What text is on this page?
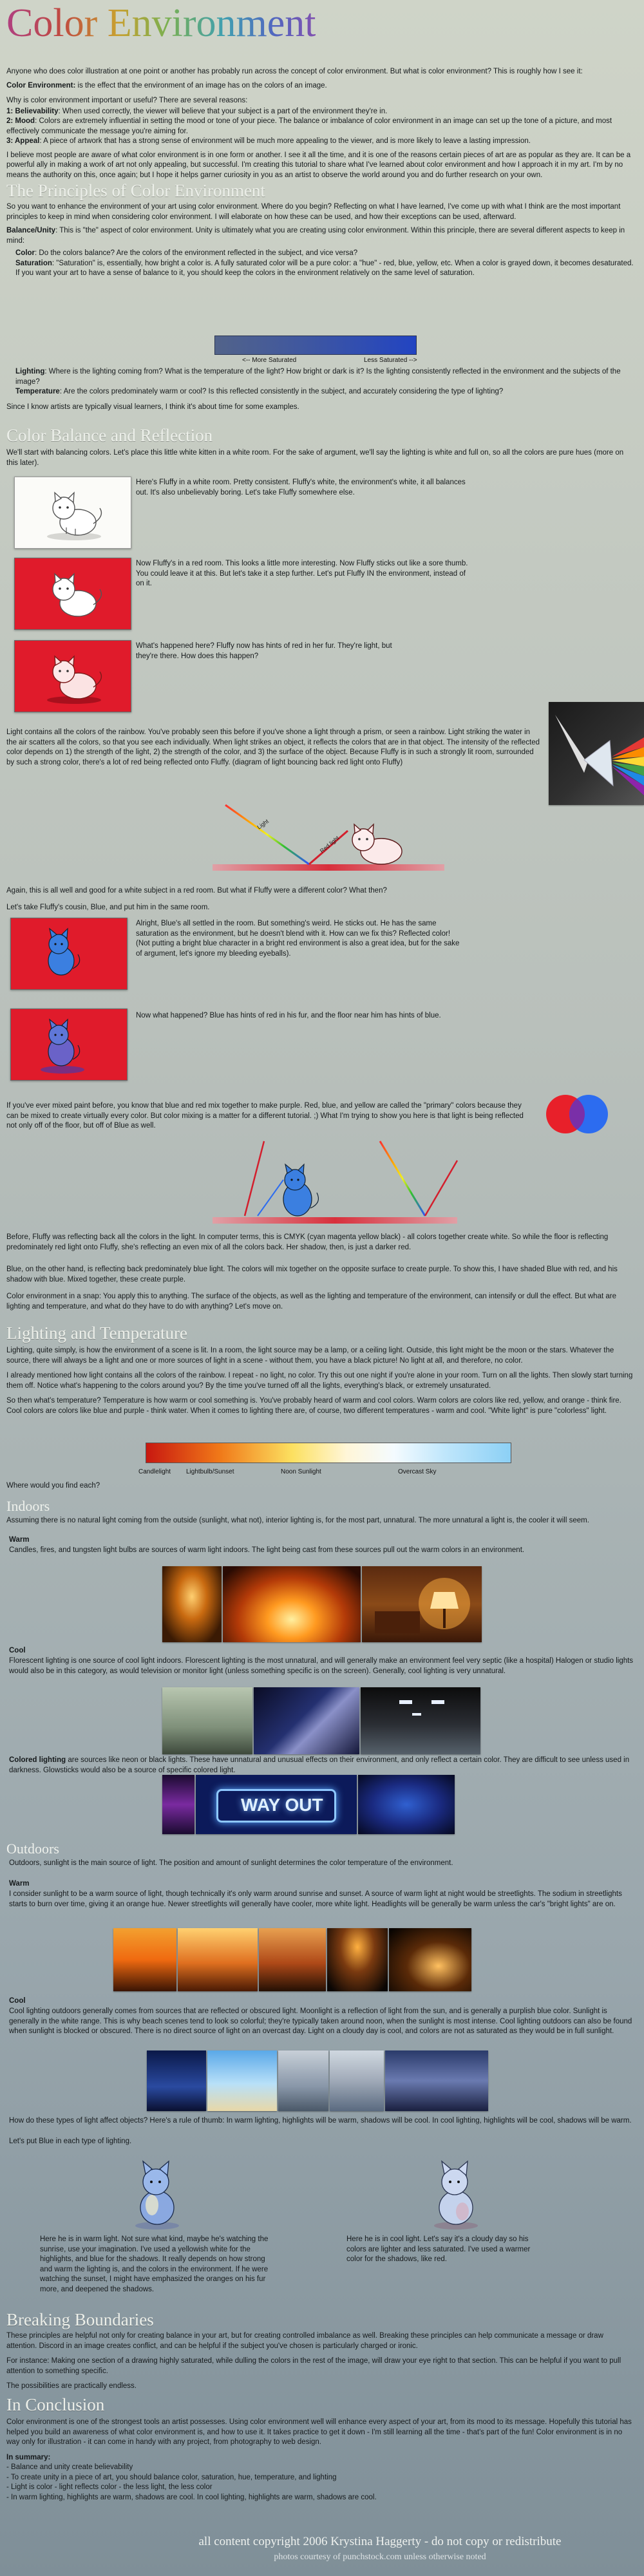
Color Environment

Anyone who does color illustration at one point or another has probably run across the concept of color environment. But what is color environment? This is roughly how I see it:

Color Environment: is the effect that the environment of an image has on the colors of an image.

Why is color environment important or useful? There are several reasons:

1: Believability: When used correctly, the viewer will believe that your subject is a part of the environment they're in.

2: Mood: Colors are extremely influential in setting the mood or tone of your piece. The balance or imbalance of color environment in an image can set up the tone of a picture, and most effectively communicate the message you're aiming for.

3: Appeal: A piece of artwork that has a strong sense of environment will be much more appealing to the viewer, and is more likely to leave a lasting impression.

I believe most people are aware of what color environment is in one form or another. I see it all the time, and it is one of the reasons certain pieces of art are as popular as they are. It can be a powerful ally in making a work of art not only appealing, but successful. I'm creating this tutorial to share what I've learned about color environment and how I approach it in my art. I'm by no means the authority on this, once again; but I hope it helps garner curiosity in you as an artist to observe the world around you and do further research on your own.

The Principles of Color Environment

So you want to enhance the environment of your art using color environment. Where do you begin? Reflecting on what I have learned, I've come up with what I think are the most important principles to keep in mind when considering color environment. I will elaborate on how these can be used, and how their exceptions can be used, afterward.

Balance/Unity: This is "the" aspect of color environment. Unity is ultimately what you are creating using color environment. Within this principle, there are several different aspects to keep in mind:

Color: Do the colors balance? Are the colors of the environment reflected in the subject, and vice versa?

Saturation: "Saturation" is, essentially, how bright a color is. A fully saturated color will be a pure color: a "hue" - red, blue, yellow, etc. When a color is grayed down, it becomes desaturated. If you want your art to have a sense of balance to it, you should keep the colors in the environment relatively on the same level of saturation.

<-- More Saturated	Less Saturated -->

Lighting: Where is the lighting coming from? What is the temperature of the light? How bright or dark is it? Is the lighting consistently reflected in the environment and the subjects of the image?

Temperature: Are the colors predominately warm or cool? Is this reflected consistently in the subject, and accurately considering the type of lighting?

Since I know artists are typically visual learners, I think it's about time for some examples.

Color Balance and Reflection

We'll start with balancing colors. Let's place this little white kitten in a white room. For the sake of argument, we'll say the lighting is white and full on, so all the colors are pure hues (more on this later).

Here's Fluffy in a white room. Pretty consistent. Fluffy's white, the environment's white, it all balances out. It's also unbelievably boring. Let's take Fluffy somewhere else.

Now Fluffy's in a red room. This looks a little more interesting. Now Fluffy sticks out like a sore thumb. You could leave it at this. But let's take it a step further. Let's put Fluffy IN the environment, instead of on it.

What's happened here? Fluffy now has hints of red in her fur. They're light, but they're there. How does this happen?

Light contains all the colors of the rainbow. You've probably seen this before if you've shone a light through a prism, or seen a rainbow. Light striking the water in the air scatters all the colors, so that you see each individually. When light strikes an object, it reflects the colors that are in that object. The intensity of the reflected color depends on 1) the strength of the light, 2) the strength of the color, and 3) the surface of the object. Because Fluffy is in such a strongly lit room, surrounded by such a strong color, there's a lot of red being reflected onto Fluffy. (diagram of light bouncing back red light onto Fluffy)

Light
Red light

Again, this is all well and good for a white subject in a red room. But what if Fluffy were a different color? What then?

Let's take Fluffy's cousin, Blue, and put him in the same room.

Alright, Blue's all settled in the room. But something's weird. He sticks out. He has the same saturation as the environment, but he doesn't blend with it. How can we fix this? Reflected color! (Not putting a bright blue character in a bright red environment is also a great idea, but for the sake of argument, let's ignore my bleeding eyeballs).

Now what happened? Blue has hints of red in his fur, and the floor near him has hints of blue.

If you've ever mixed paint before, you know that blue and red mix together to make purple. Red, blue, and yellow are called the "primary" colors because they can be mixed to create virtually every color. But color mixing is a matter for a different tutorial. ;) What I'm trying to show you here is that light is being reflected not only off of the floor, but off of Blue as well.

Before, Fluffy was reflecting back all the colors in the light. In computer terms, this is CMYK (cyan magenta yellow black) - all colors together create white. So while the floor is reflecting predominately red light onto Fluffy, she's reflecting an even mix of all the colors back. Her shadow, then, is just a darker red.

Blue, on the other hand, is reflecting back predominately blue light. The colors will mix together on the opposite surface to create purple. To show this, I have shaded Blue with red, and his shadow with blue. Mixed together, these create purple.

Color environment in a snap: You apply this to anything. The surface of the objects, as well as the lighting and temperature of the environment, can intensify or dull the effect. But what are lighting and temperature, and what do they have to do with anything? Let's move on.

Lighting and Temperature

Lighting, quite simply, is how the environment of a scene is lit. In a room, the light source may be a lamp, or a ceiling light. Outside, this light might be the moon or the stars. Whatever the source, there will always be a light and one or more sources of light in a scene - without them, you have a black picture! No light at all, and therefore, no color.

I already mentioned how light contains all the colors of the rainbow. I repeat - no light, no color. Try this out one night if you're alone in your room. Turn on all the lights. Then slowly start turning them off. Notice what's happening to the colors around you? By the time you've turned off all the lights, everything's black, or extremely unsaturated.

So then what's temperature? Temperature is how warm or cool something is. You've probably heard of warm and cool colors. Warm colors are colors like red, yellow, and orange - think fire. Cool colors are colors like blue and purple - think water. When it comes to lighting there are, of course, two different temperatures - warm and cool. "White light" is pure "colorless" light.

Candlelight Lightbulb/Sunset	Noon Sunlight	Overcast Sky

Where would you find each?

Indoors

Assuming there is no natural light coming from the outside (sunlight, what not), interior lighting is, for the most part, unnatural. The more unnatural a light is, the cooler it will seem.

Warm

Candles, fires, and tungsten light bulbs are sources of warm light indoors. The light being cast from these sources pull out the warm colors in an environment.

Cool

Florescent lighting is one source of cool light indoors. Florescent lighting is the most unnatural, and will generally make an environment feel very septic (like a hospital) Halogen or studio lights would also be in this category, as would television or monitor light (unless something specific is on the screen). Generally, cool lighting is very unnatural.

Colored lighting are sources like neon or black lights. These have unnatural and unusual effects on their environment, and only reflect a certain color. They are difficult to see unless used in darkness. Glowsticks would also be a source of specific colored light.

WAY OUT
Outdoors

Outdoors, sunlight is the main source of light. The position and amount of sunlight determines the color temperature of the environment.

Warm

I consider sunlight to be a warm source of light, though technically it's only warm around sunrise and sunset. A source of warm light at night would be streetlights. The sodium in streetlights starts to burn over time, giving it an orange hue. Newer streetlights will generally have cooler, more white light. Headlights will be generally be warm unless the car's "bright lights" are on.

Cool

Cool lighting outdoors generally comes from sources that are reflected or obscured light. Moonlight is a reflection of light from the sun, and is generally a purplish blue color. Sunlight is generally in the white range. This is why beach scenes tend to look so colorful; they're typically taken around noon, when the sunlight is most intense. Cool lighting outdoors can also be found when sunlight is blocked or obscured. There is no direct source of light on an overcast day. Light on a cloudy day is cool, and colors are not as saturated as they would be in full sunlight.

How do these types of light affect objects? Here's a rule of thumb: In warm lighting, highlights will be warm, shadows will be cool. In cool lighting, highlights will be cool, shadows will be warm.

Let's put Blue in each type of lighting.

Here he is in warm light. Not sure what kind, maybe he's watching the sunrise, use your imagination. I've used a yellowish white for the highlights, and blue for the shadows. It really depends on how strong and warm the lighting is, and the colors in the environment. If he were watching the sunset, I might have emphasized the oranges on his fur more, and deepened the shadows.

Here he is in cool light. Let's say it's a cloudy day so his colors are lighter and less saturated. I've used a warmer color for the shadows, like red.

Breaking Boundaries

These principles are helpful not only for creating balance in your art, but for creating controlled imbalance as well. Breaking these principles can help communicate a message or draw attention. Discord in an image creates conflict, and can be helpful if the subject you've chosen is particularly charged or ironic.

For instance: Making one section of a drawing highly saturated, while dulling the colors in the rest of the image, will draw your eye right to that section. This can be helpful if you want to pull attention to something specific.

The possibilities are practically endless.

In Conclusion

Color environment is one of the strongest tools an artist possesses. Using color environment well will enhance every aspect of your art, from its mood to its message. Hopefully this tutorial has helped you build an awareness of what color environment is, and how to use it. It takes practice to get it down - I'm still learning all the time - that's part of the fun! Color environment is in no way only for illustration - it can come in handy with any project, from photography to web design.

In summary:

- Balance and unity create believability

- To create unity in a piece of art, you should balance color, saturation, hue, temperature, and lighting

- Light is color - light reflects color - the less light, the less color

- In warm lighting, highlights are warm, shadows are cool. In cool lighting, highlights are warm, shadows are cool.

all content copyright 2006 Krystina Haggerty - do not copy or redistribute
photos courtesy of punchstock.com unless otherwise noted
